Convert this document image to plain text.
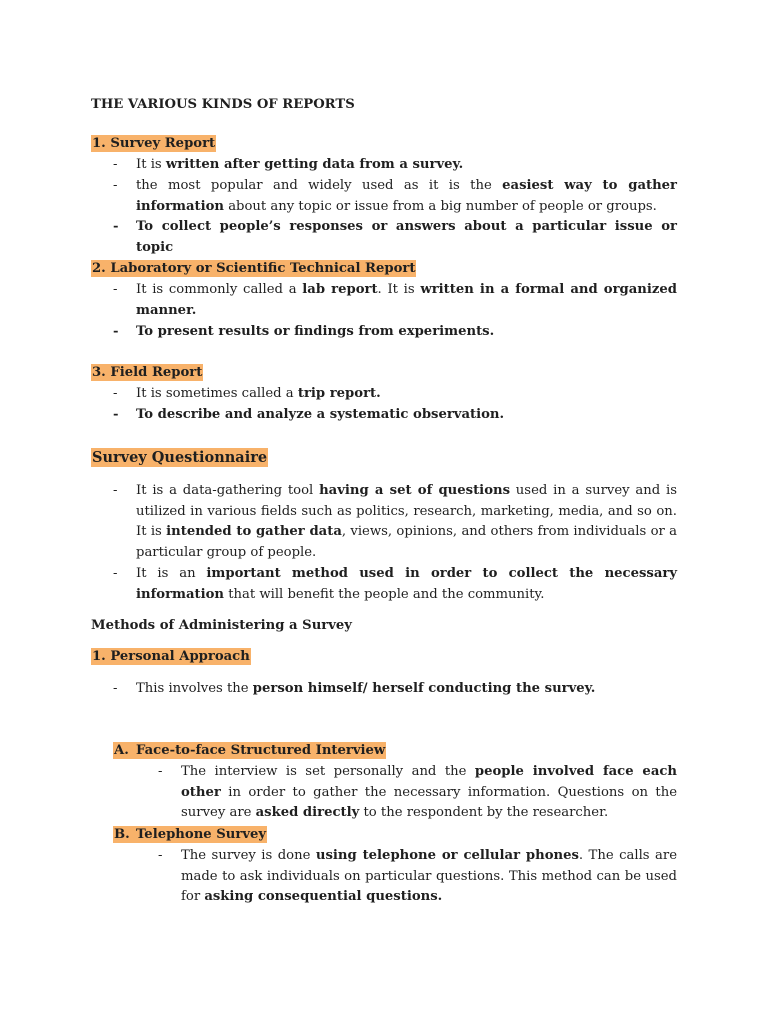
THE VARIOUS KINDS OF REPORTS
1. Survey Report
-	It is written after getting data from a survey.
-	the most popular and widely used as it is the easiest way to gather information about any topic or issue from a big number of people or groups.
-	To collect people’s responses or answers about a particular issue or topic
2. Laboratory or Scientific Technical Report
-	It is commonly called a lab report. It is written in a formal and organized manner.
-	To present results or findings from experiments.
3. Field Report
-	It is sometimes called a trip report.
-	To describe and analyze a systematic observation.
Survey Questionnaire
-	It is a data-gathering tool having a set of questions used in a survey and is utilized in various fields such as politics, research, marketing, media, and so on. It is intended to gather data, views, opinions, and others from individuals or a particular group of people.
-	It is an important method used in order to collect the necessary information that will benefit the people and the community.
Methods of Administering a Survey
1. Personal Approach
-	This involves the person himself/ herself conducting the survey.
A. Face-to-face Structured Interview
-	The interview is set personally and the people involved face each other in order to gather the necessary information. Questions on the survey are asked directly to the respondent by the researcher.
B. Telephone Survey
-	The survey is done using telephone or cellular phones. The calls are made to ask individuals on particular questions. This method can be used for asking consequential questions.
